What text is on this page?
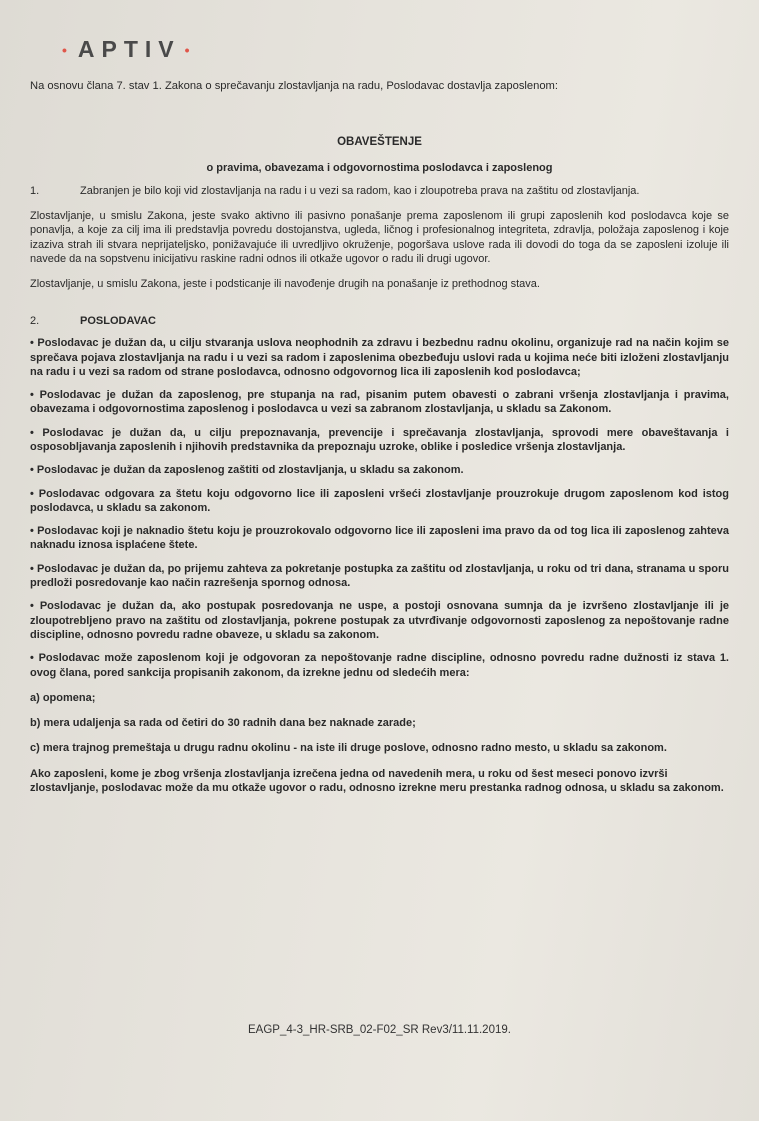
• APTIV •
Na osnovu člana 7. stav 1. Zakona o sprečavanju zlostavljanja na radu, Poslodavac dostavlja zaposlenom:
OBAVEŠTENJE
o pravima, obavezama i odgovornostima poslodavca i zaposlenog
1.	Zabranjen je bilo koji vid zlostavljanja na radu i u vezi sa radom, kao i zloupotreba prava na zaštitu od zlostavljanja.
Zlostavljanje, u smislu Zakona, jeste svako aktivno ili pasivno ponašanje prema zaposlenom ili grupi zaposlenih kod poslodavca koje se ponavlja, a koje za cilj ima ili predstavlja povredu dostojanstva, ugleda, ličnog i profesionalnog integriteta, zdravlja, položaja zaposlenog i koje izaziva strah ili stvara neprijateljsko, ponižavajuće ili uvredljivo okruženje, pogoršava uslove rada ili dovodi do toga da se zaposleni izoluje ili navede da na sopstvenu inicijativu raskine radni odnos ili otkaže ugovor o radu ili drugi ugovor.
Zlostavljanje, u smislu Zakona, jeste i podsticanje ili navođenje drugih na ponašanje iz prethodnog stava.
2.	POSLODAVAC
• Poslodavac je dužan da, u cilju stvaranja uslova neophodnih za zdravu i bezbednu radnu okolinu, organizuje rad na način kojim se sprečava pojava zlostavljanja na radu i u vezi sa radom i zaposlenima obezbeđuju uslovi rada u kojima neće biti izloženi zlostavljanju na radu i u vezi sa radom od strane poslodavca, odnosno odgovornog lica ili zaposlenih kod poslodavca;
• Poslodavac je dužan da zaposlenog, pre stupanja na rad, pisanim putem obavesti o zabrani vršenja zlostavljanja i pravima, obavezama i odgovornostima zaposlenog i poslodavca u vezi sa zabranom zlostavljanja, u skladu sa Zakonom.
• Poslodavac je dužan da, u cilju prepoznavanja, prevencije i sprečavanja zlostavljanja, sprovodi mere obaveštavanja i osposobljavanja zaposlenih i njihovih predstavnika da prepoznaju uzroke, oblike i posledice vršenja zlostavljanja.
• Poslodavac je dužan da zaposlenog zaštiti od zlostavljanja, u skladu sa zakonom.
• Poslodavac odgovara za štetu koju odgovorno lice ili zaposleni vršeći zlostavljanje prouzrokuje drugom zaposlenom kod istog poslodavca, u skladu sa zakonom.
• Poslodavac koji je naknadio štetu koju je prouzrokovalo odgovorno lice ili zaposleni ima pravo da od tog lica ili zaposlenog zahteva naknadu iznosa isplaćene štete.
• Poslodavac je dužan da, po prijemu zahteva za pokretanje postupka za zaštitu od zlostavljanja, u roku od tri dana, stranama u sporu predloži posredovanje kao način razrešenja spornog odnosa.
• Poslodavac je dužan da, ako postupak posredovanja ne uspe, a postoji osnovana sumnja da je izvršeno zlostavljanje ili je zloupotrebljeno pravo na zaštitu od zlostavljanja, pokrene postupak za utvrđivanje odgovornosti zaposlenog za nepoštovanje radne discipline, odnosno povredu radne obaveze, u skladu sa zakonom.
• Poslodavac može zaposlenom koji je odgovoran za nepoštovanje radne discipline, odnosno povredu radne dužnosti iz stava 1. ovog člana, pored sankcija propisanih zakonom, da izrekne jednu od sledećih mera:
a) opomena;
b) mera udaljenja sa rada od četiri do 30 radnih dana bez naknade zarade;
c) mera trajnog premeštaja u drugu radnu okolinu - na iste ili druge poslove, odnosno radno mesto, u skladu sa zakonom.
Ako zaposleni, kome je zbog vršenja zlostavljanja izrečena jedna od navedenih mera, u roku od šest meseci ponovo izvrši zlostavljanje, poslodavac može da mu otkaže ugovor o radu, odnosno izrekne meru prestanka radnog odnosa, u skladu sa zakonom.
EAGP_4-3_HR-SRB_02-F02_SR Rev3/11.11.2019.
